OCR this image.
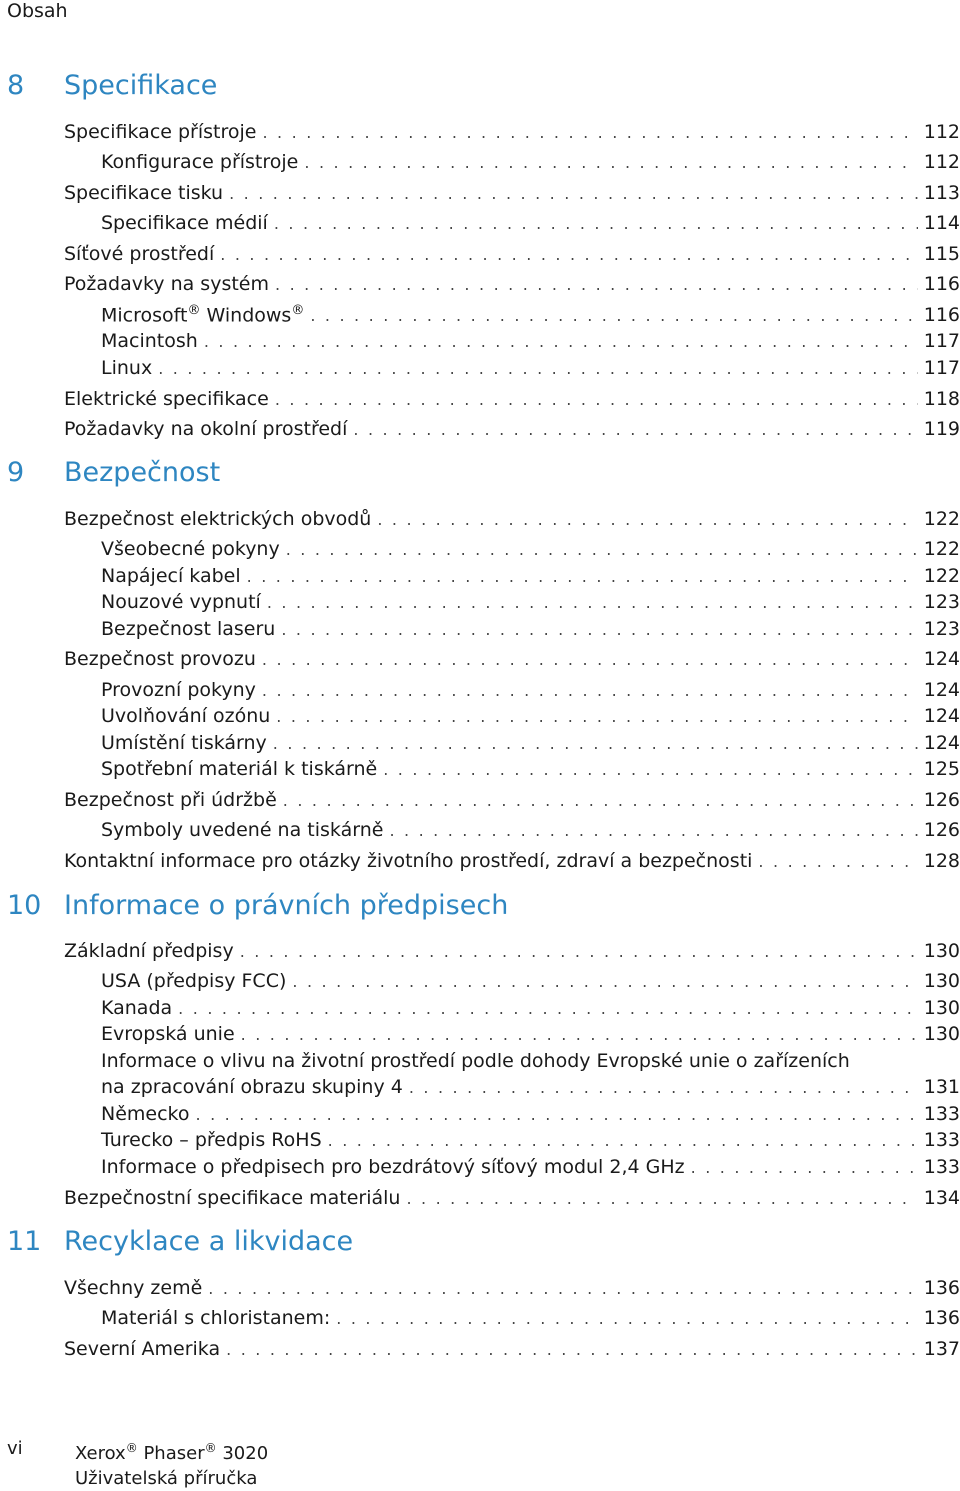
Obsah
8 Specifikace
Specifikace přístroje . . .	112
Konfigurace přístroje . . .	112
Specifikace tisku . . .	113
Specifikace médií . . .	114
Síťové prostředí . . .	115
Požadavky na systém . . .	116
Microsoft® Windows® . . .	116
Macintosh . . .	117
Linux . . .	117
Elektrické specifikace . . .	118
Požadavky na okolní prostředí . . .	119
9 Bezpečnost
Bezpečnost elektrických obvodů . . .	122
Všeobecné pokyny . . .	122
Napájecí kabel . . .	122
Nouzové vypnutí . . .	123
Bezpečnost laseru . . .	123
Bezpečnost provozu . . .	124
Provozní pokyny . . .	124
Uvolňování ozónu . . .	124
Umístění tiskárny . . .	124
Spotřební materiál k tiskárně . . .	125
Bezpečnost při údržbě . . .	126
Symboly uvedené na tiskárně . . .	126
Kontaktní informace pro otázky životního prostředí, zdraví a bezpečnosti . . .	128
10 Informace o právních předpisech
Základní předpisy . . .	130
USA (předpisy FCC) . . .	130
Kanada . . .	130
Evropská unie . . .	130
Informace o vlivu na životní prostředí podle dohody Evropské unie o zařízeních
na zpracování obrazu skupiny 4 . . .	131
Německo . . .	133
Turecko – předpis RoHS . . .	133
Informace o předpisech pro bezdrátový síťový modul 2,4 GHz . . .	133
Bezpečnostní specifikace materiálu . . .	134
11 Recyklace a likvidace
Všechny země . . .	136
Materiál s chloristanem: . . .	136
Severní Amerika . . .	137
vi	Xerox® Phaser® 3020
Uživatelská příručka
